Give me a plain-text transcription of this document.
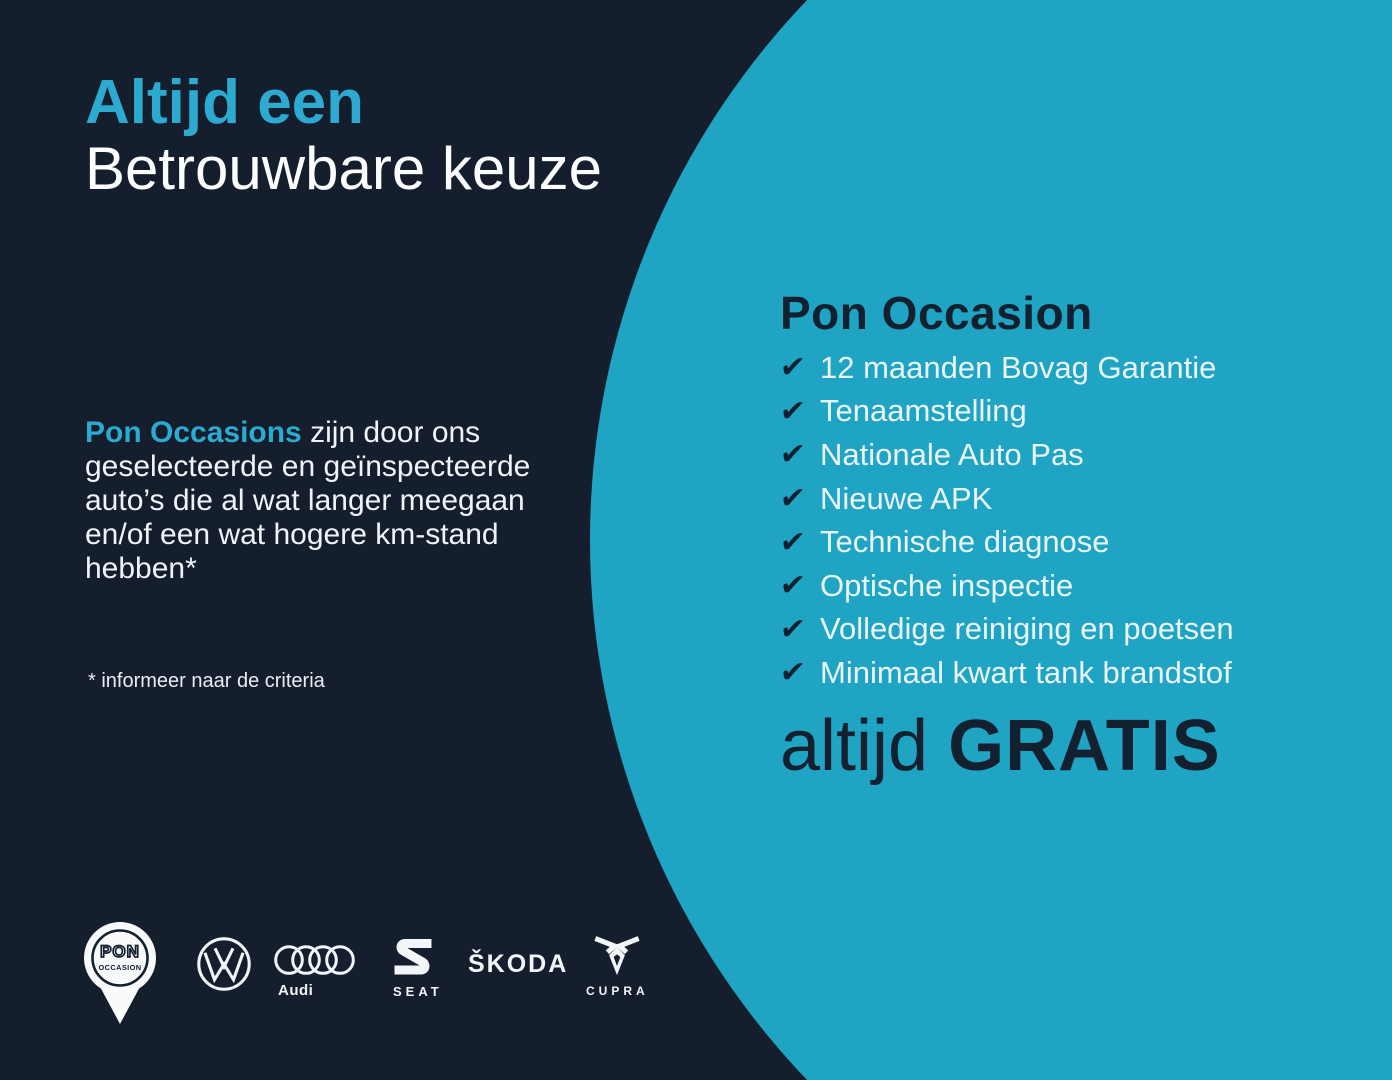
Altijd een
Betrouwbare keuze

Pon Occasions zijn door ons geselecteerde en geïnspecteerde auto’s die al wat langer meegaan en/of een wat hogere km-stand hebben*

* informeer naar de criteria
Pon Occasion
✔ 12 maanden Bovag Garantie
✔ Tenaamstelling
✔ Nationale Auto Pas
✔ Nieuwe APK
✔ Technische diagnose
✔ Optische inspectie
✔ Volledige reiniging en poetsen
✔ Minimaal kwart tank brandstof
altijd GRATIS
PON
OCCASION
Audi	SEAT
ŠKODA
CUPRA
